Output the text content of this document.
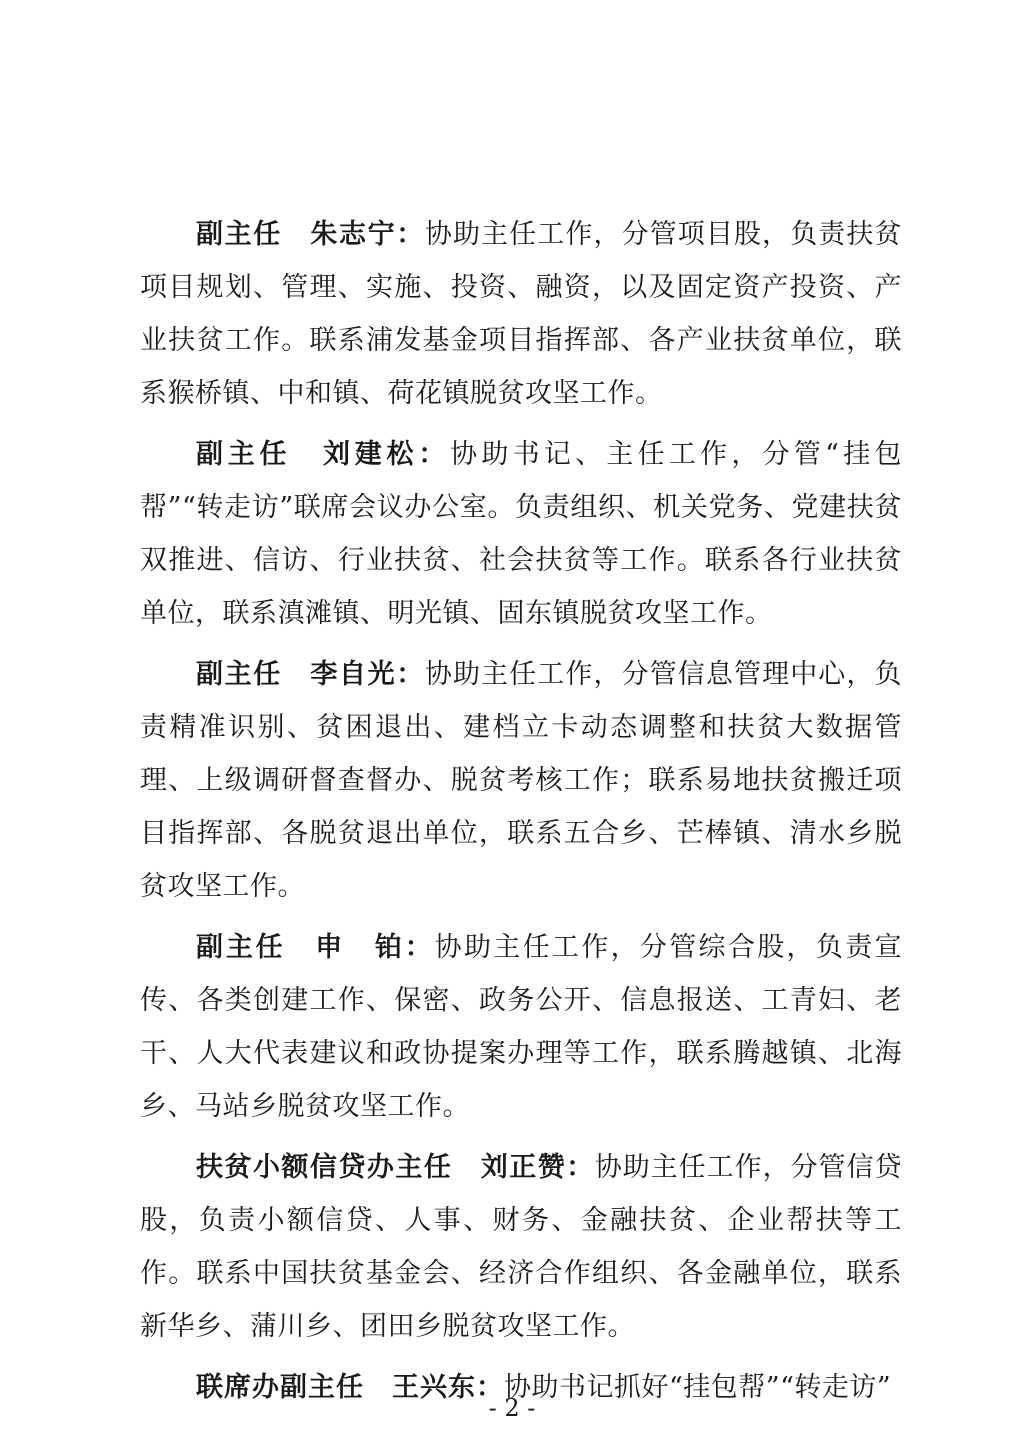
副主任 朱志宁：协助主任工作，分管项目股，负责扶贫项目规划、管理、实施、投资、融资，以及固定资产投资、产业扶贫工作。联系浦发基金项目指挥部、各产业扶贫单位，联系猴桥镇、中和镇、荷花镇脱贫攻坚工作。

副主任 刘建松：协助书记、主任工作，分管“挂包帮”“转走访”联席会议办公室。负责组织、机关党务、党建扶贫双推进、信访、行业扶贫、社会扶贫等工作。联系各行业扶贫单位，联系滇滩镇、明光镇、固东镇脱贫攻坚工作。

副主任 李自光：协助主任工作，分管信息管理中心，负责精准识别、贫困退出、建档立卡动态调整和扶贫大数据管理、上级调研督查督办、脱贫考核工作；联系易地扶贫搬迁项目指挥部、各脱贫退出单位，联系五合乡、芒棒镇、清水乡脱贫攻坚工作。

副主任 申　铂：协助主任工作，分管综合股，负责宣传、各类创建工作、保密、政务公开、信息报送、工青妇、老干、人大代表建议和政协提案办理等工作，联系腾越镇、北海乡、马站乡脱贫攻坚工作。

扶贫小额信贷办主任 刘正赞：协助主任工作，分管信贷股，负责小额信贷、人事、财务、金融扶贫、企业帮扶等工作。联系中国扶贫基金会、经济合作组织、各金融单位，联系新华乡、蒲川乡、团田乡脱贫攻坚工作。

联席办副主任 王兴东：协助书记抓好“挂包帮”“转走访”

- 2 -
